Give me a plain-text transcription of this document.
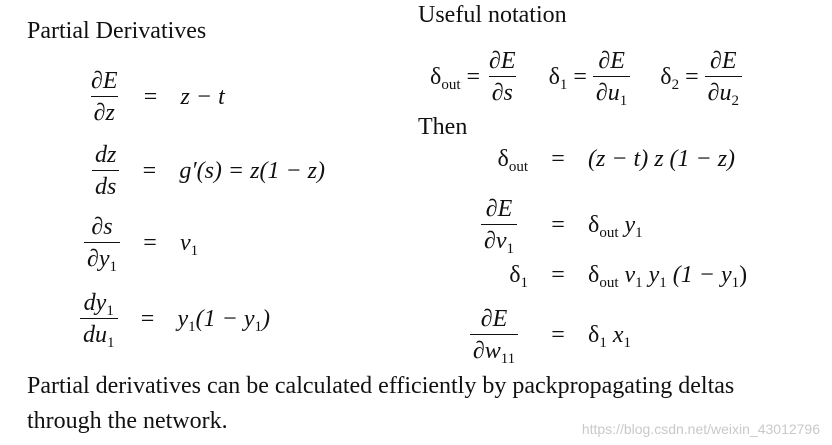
Partial Derivatives
$\frac{\partial E}{\partial z} = z - t$
$\frac{dz}{ds} = g'(s) = z(1 - z)$
$\frac{\partial s}{\partial y_1} = v_1$
$\frac{dy_1}{du_1} = y_1(1 - y_1)$
Useful notation
$\delta_{out} = \frac{\partial E}{\partial s} \delta_1 = \frac{\partial E}{\partial u_1} \delta_2 = \frac{\partial E}{\partial u_2}$
Then
$\delta_{out} = (z - t)$ z (1 − z)
$\frac{\partial E}{\partial v_1} = \delta_{out}$ $y_1$
$\delta_1 = \delta_{out}$ $v_1$ $y_1$ $(1 - y_1)$
$\frac{\partial E}{\partial w_{11}} = \delta_1$ $x_1$
Partial derivatives can be calculated efficiently by packpropagating deltas
through the network.	https://blog.csdn.net/weixin_43012796
